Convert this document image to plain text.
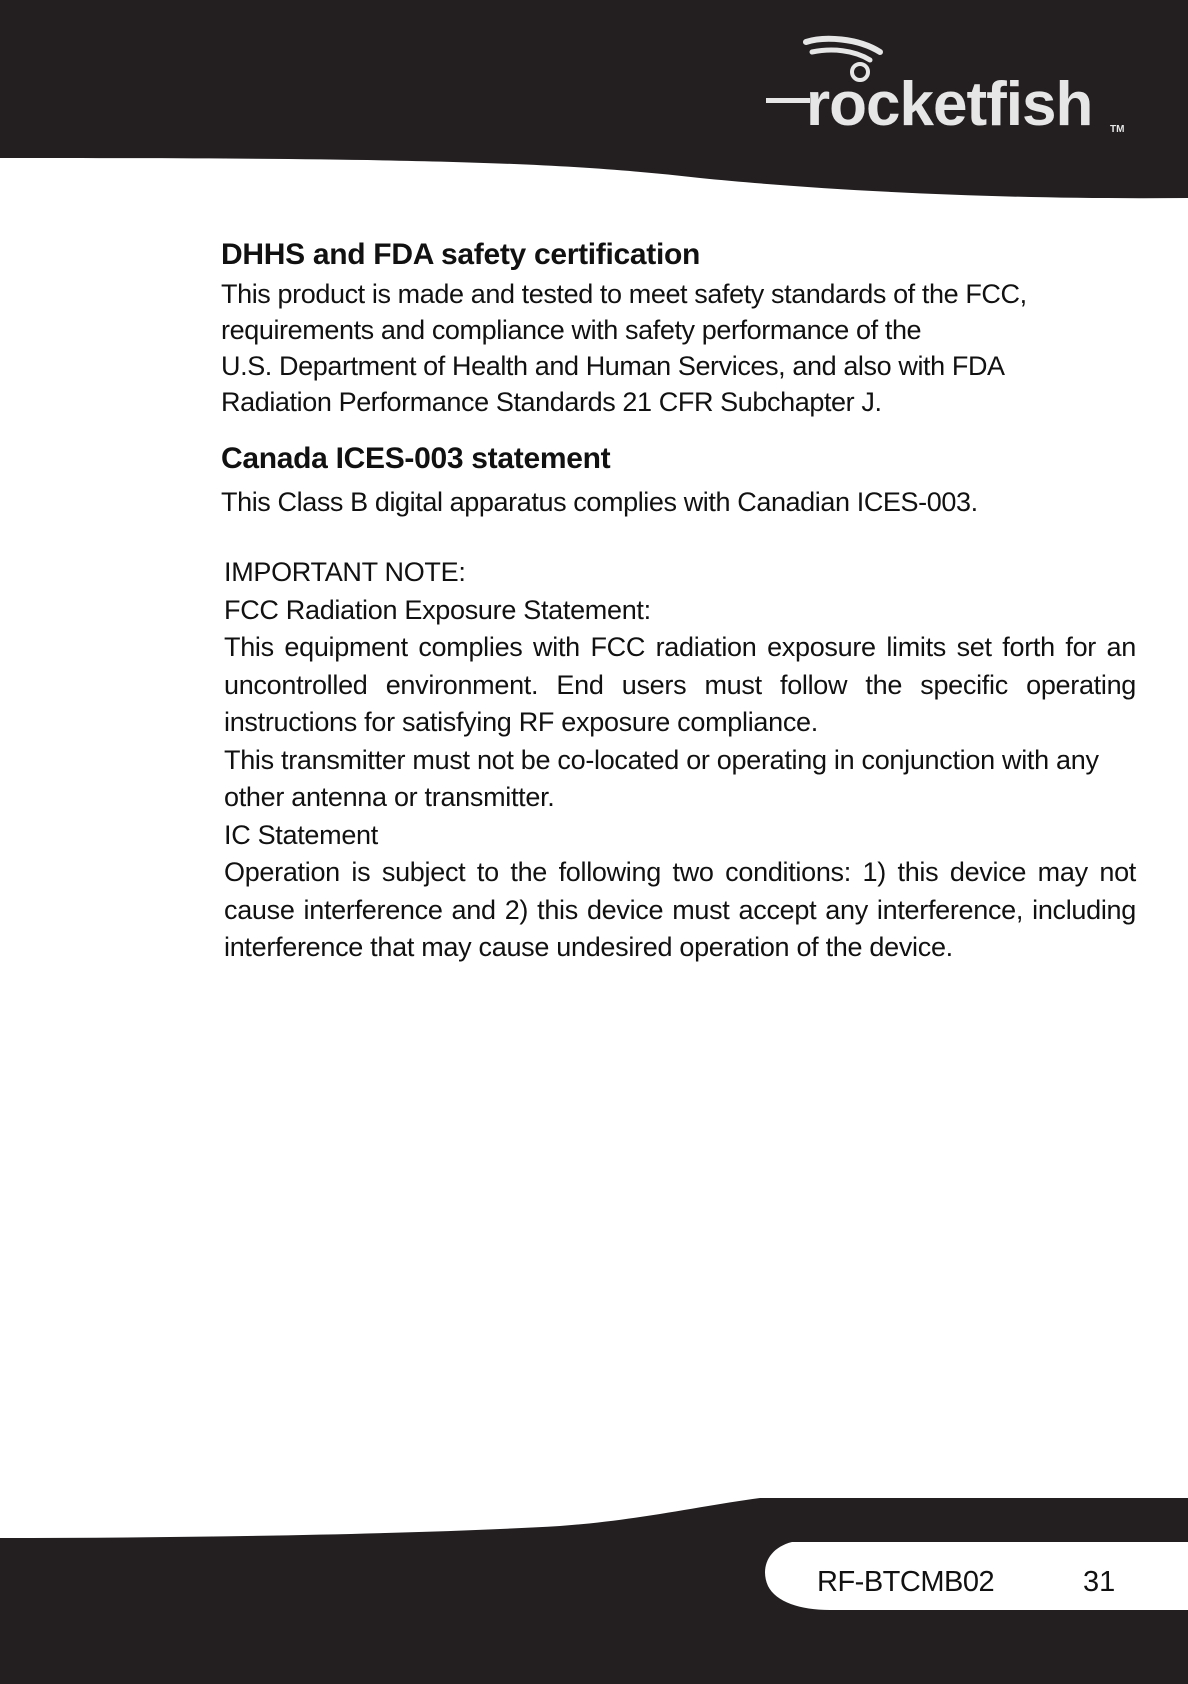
rocketfish TM
DHHS and FDA safety certification

This product is made and tested to meet safety standards of the FCC,

requirements and compliance with safety performance of the

U.S. Department of Health and Human Services, and also with FDA

Radiation Performance Standards 21 CFR Subchapter J.

Canada ICES-003 statement

This Class B digital apparatus complies with Canadian ICES-003.

IMPORTANT NOTE:

FCC Radiation Exposure Statement:

This equipment complies with FCC radiation exposure limits set forth for an uncontrolled environment. End users must follow the specific operating instructions for satisfying RF exposure compliance.

This transmitter must not be co-located or operating in conjunction with any other antenna or transmitter.

IC Statement

Operation is subject to the following two conditions: 1) this device may not cause interference and 2) this device must accept any interference, including interference that may cause undesired operation of the device.

RF-BTCMB02	31
